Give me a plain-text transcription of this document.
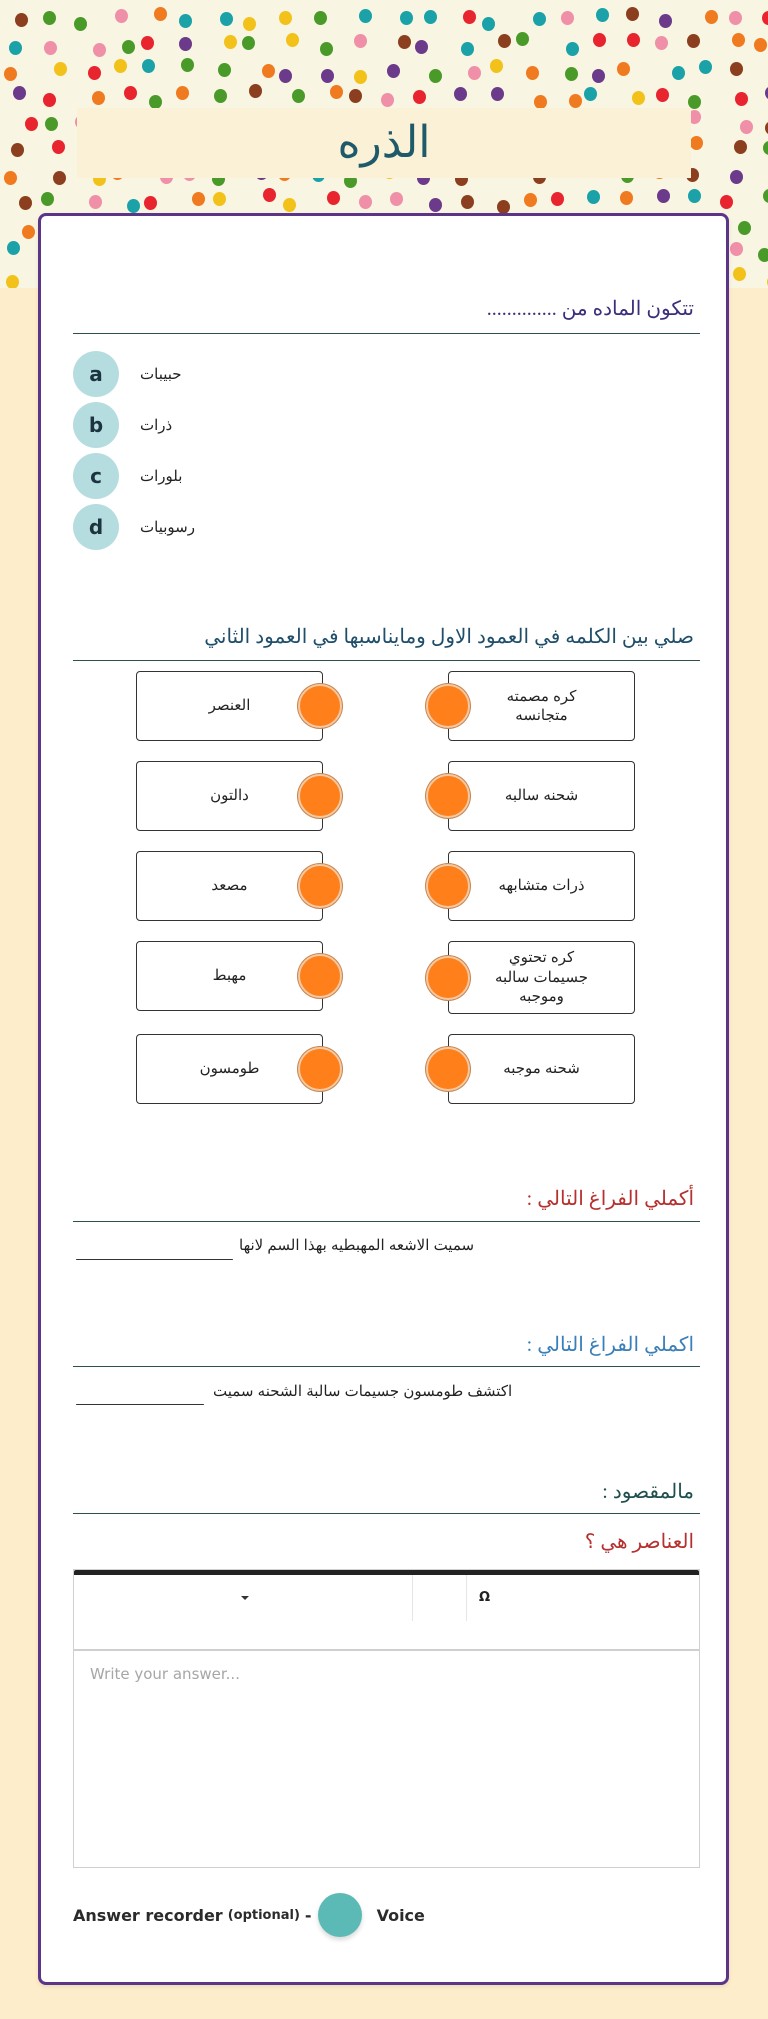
الذره
تتكون الماده من ..............
a	حبيبات
b	ذرات
c	بلورات
d	رسوبيات
صلي بين الكلمه في العمود الاول ومايناسبها في العمود الثاني
العنصر
كره مصمته متجانسه
دالتون	شحنه سالبه
مصعد	ذرات متشابهه
مهبط
كره تحتوي جسيمات سالبه وموجبه
طومسون	شحنه موجبه
أكملي الفراغ التالي :
سميت الاشعه المهبطيه بهذا السم لانها
اكملي الفراغ التالي :
اكتشف طومسون جسيمات سالبة الشحنه سميت
مالمقصود :
العناصر هي ؟
Ω
Write your answer...
Answer recorder (optional) -	Voice
